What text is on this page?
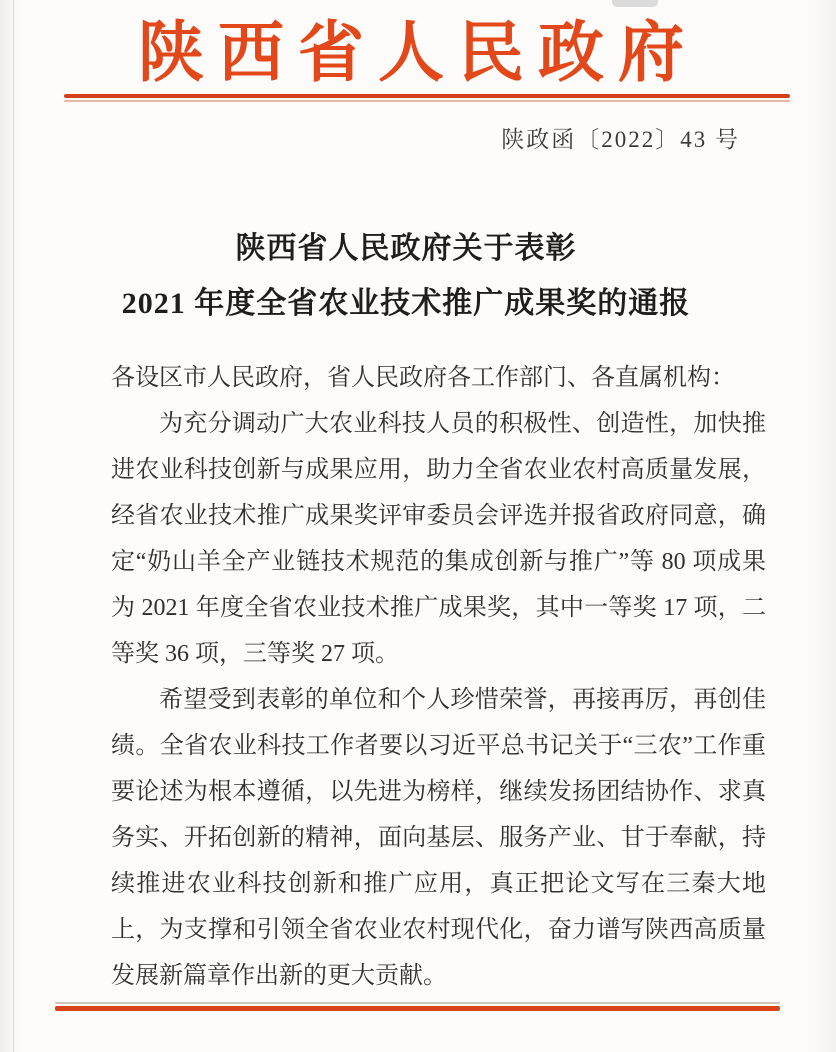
陕西省人民政府
陕政函〔2022〕43 号
陕西省人民政府关于表彰
2021 年度全省农业技术推广成果奖的通报

各设区市人民政府，省人民政府各工作部门、各直属机构：

为充分调动广大农业科技人员的积极性、创造性，加快推进农业科技创新与成果应用，助力全省农业农村高质量发展，经省农业技术推广成果奖评审委员会评选并报省政府同意，确定“奶山羊全产业链技术规范的集成创新与推广”等 80 项成果为 2021 年度全省农业技术推广成果奖，其中一等奖 17 项，二等奖 36 项，三等奖 27 项。

希望受到表彰的单位和个人珍惜荣誉，再接再厉，再创佳绩。全省农业科技工作者要以习近平总书记关于“三农”工作重要论述为根本遵循，以先进为榜样，继续发扬团结协作、求真务实、开拓创新的精神，面向基层、服务产业、甘于奉献，持续推进农业科技创新和推广应用，真正把论文写在三秦大地上，为支撑和引领全省农业农村现代化，奋力谱写陕西高质量发展新篇章作出新的更大贡献。
